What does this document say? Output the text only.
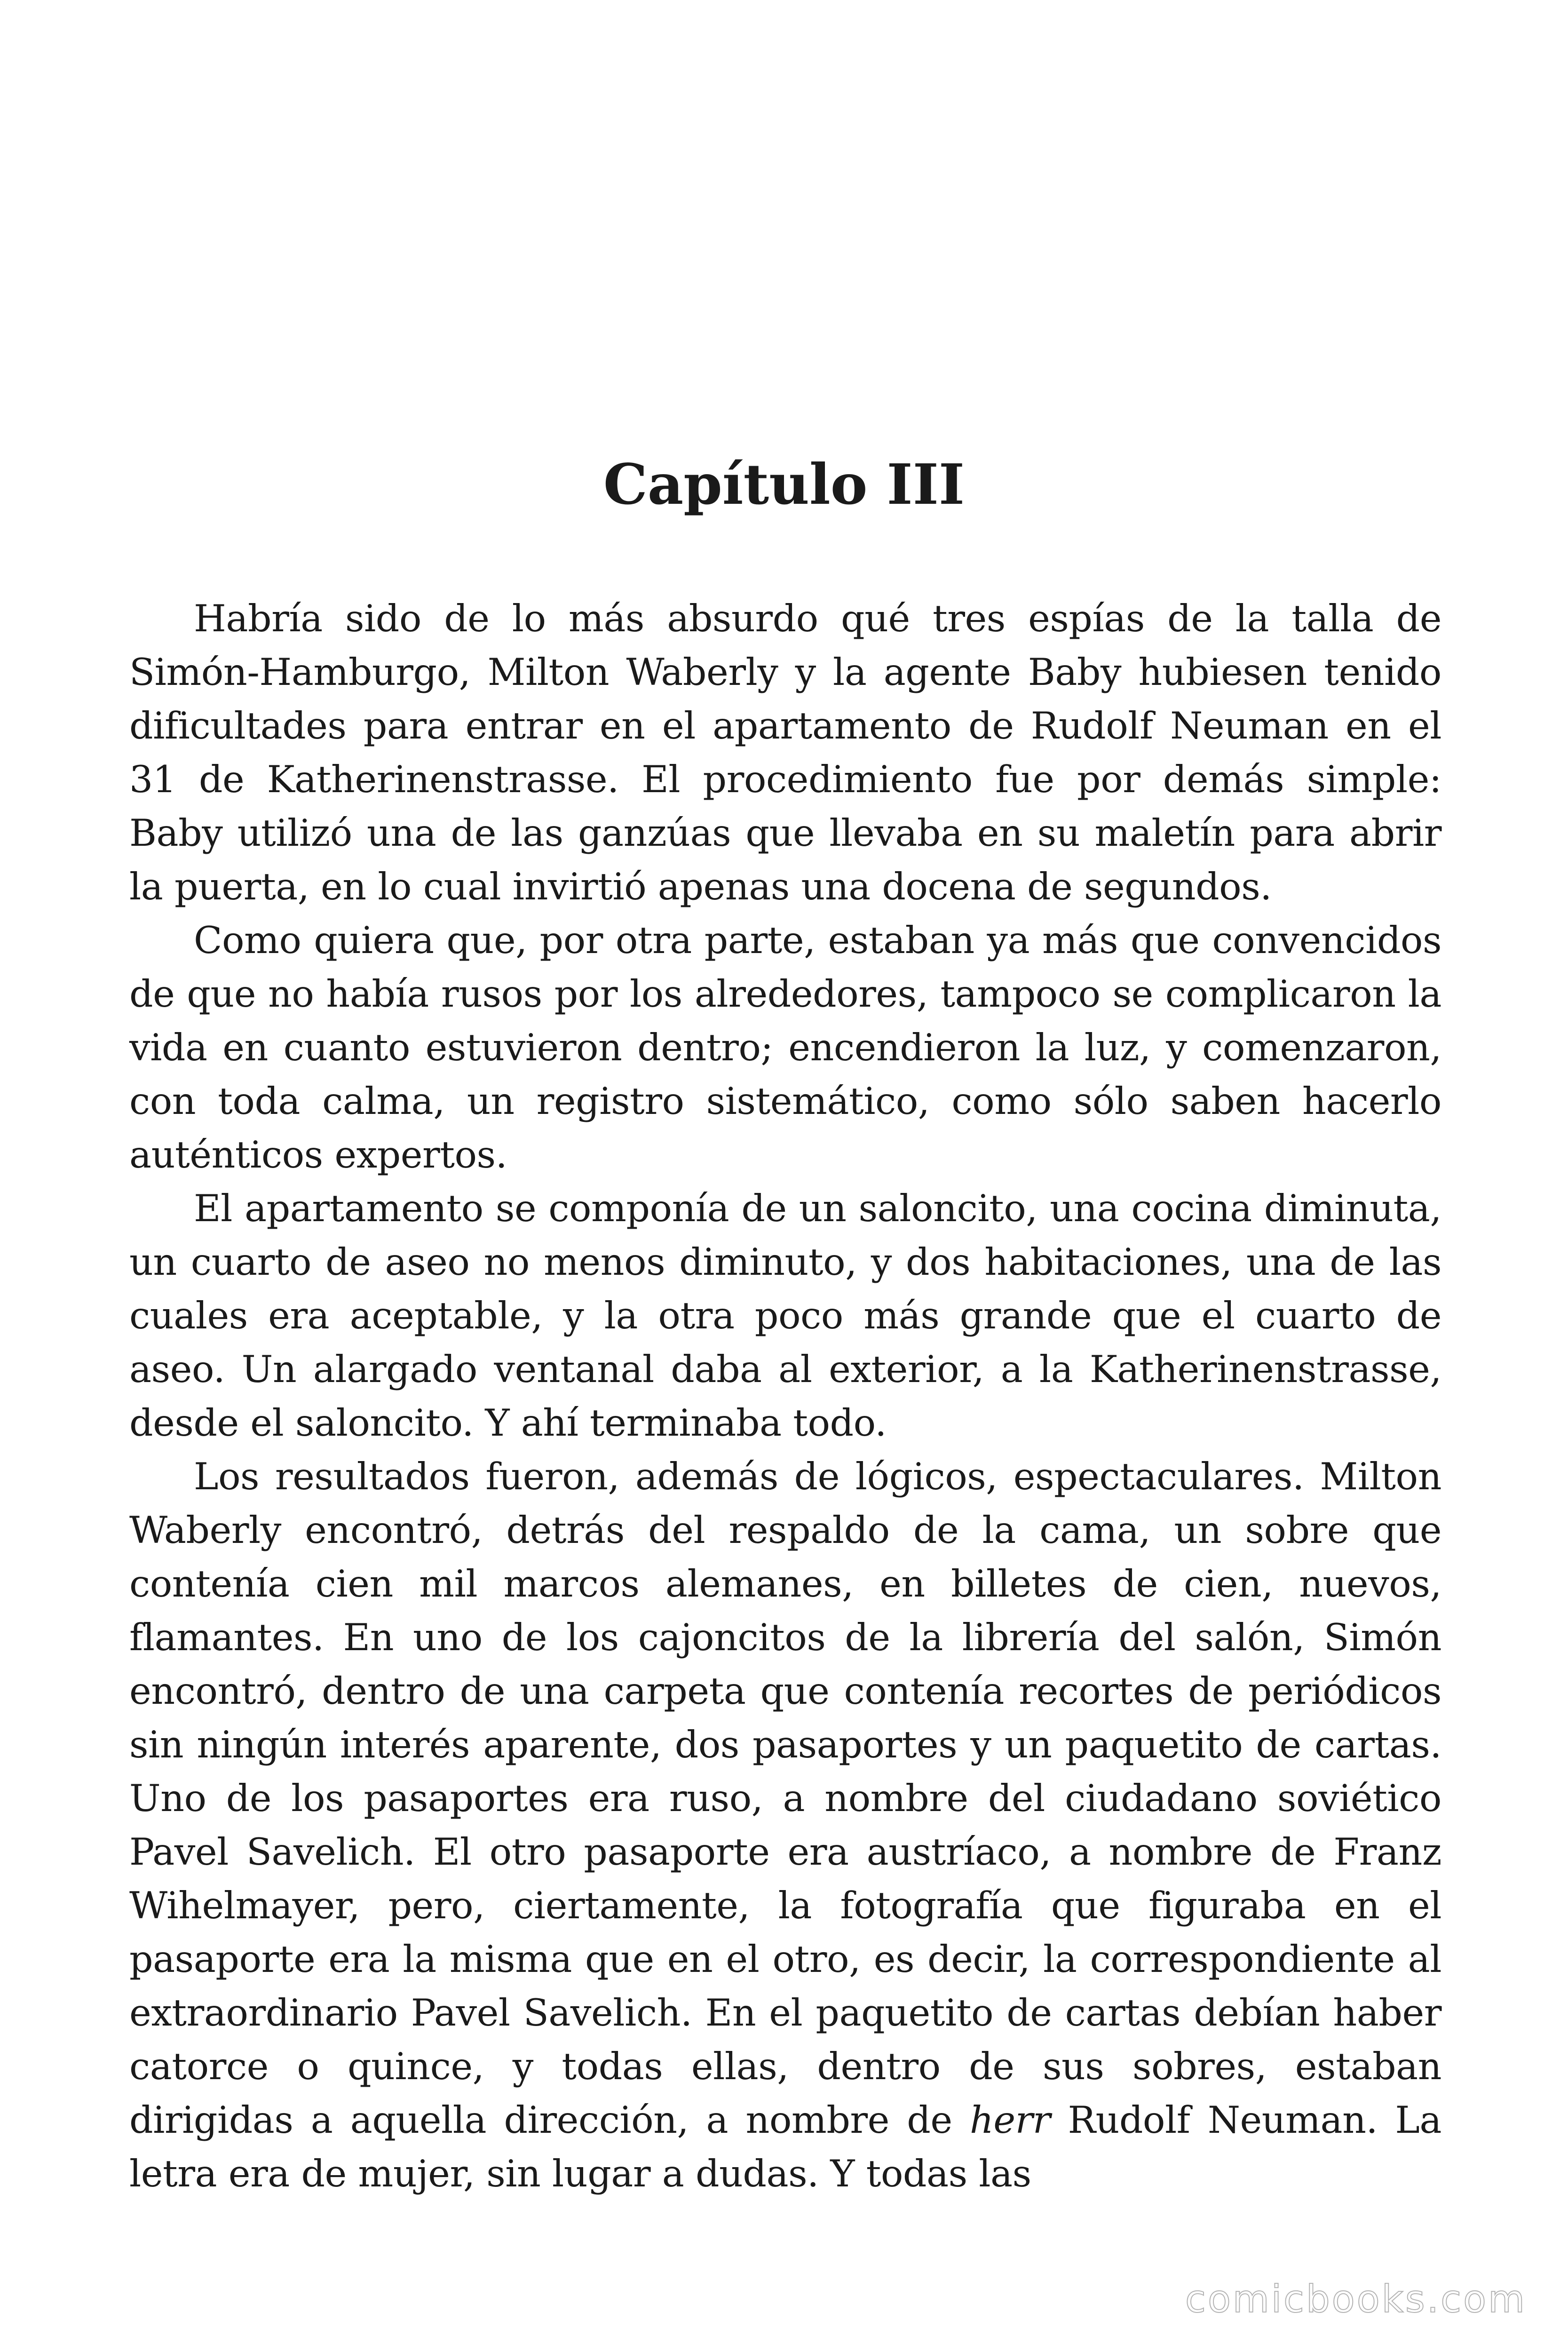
Capítulo III

Habría sido de lo más absurdo qué tres espías de la talla de Simón-Hamburgo, Milton Waberly y la agente Baby hubiesen tenido dificultades para entrar en el apartamento de Rudolf Neuman en el 31 de Katherinenstrasse. El procedimiento fue por demás simple: Baby utilizó una de las ganzúas que llevaba en su maletín para abrir la puerta, en lo cual invirtió apenas una docena de segundos.

Como quiera que, por otra parte, estaban ya más que convencidos de que no había rusos por los alrededores, tampoco se complicaron la vida en cuanto estuvieron dentro; encendieron la luz, y comenzaron, con toda calma, un registro sistemático, como sólo saben hacerlo auténticos expertos.

El apartamento se componía de un saloncito, una cocina diminuta, un cuarto de aseo no menos diminuto, y dos habitaciones, una de las cuales era aceptable, y la otra poco más grande que el cuarto de aseo. Un alargado ventanal daba al exterior, a la Katherinenstrasse, desde el saloncito. Y ahí terminaba todo.

Los resultados fueron, además de lógicos, espectaculares. Milton Waberly encontró, detrás del respaldo de la cama, un sobre que contenía cien mil marcos alemanes, en billetes de cien, nuevos, flamantes. En uno de los cajoncitos de la librería del salón, Simón encontró, dentro de una carpeta que contenía recortes de periódicos sin ningún interés aparente, dos pasaportes y un paquetito de cartas. Uno de los pasaportes era ruso, a nombre del ciudadano soviético Pavel Savelich. El otro pasaporte era austríaco, a nombre de Franz Wihelmayer, pero, ciertamente, la fotografía que figuraba en el pasaporte era la misma que en el otro, es decir, la correspondiente al extraordinario Pavel Savelich. En el paquetito de cartas debían haber catorce o quince, y todas ellas, dentro de sus sobres, estaban dirigidas a aquella dirección, a nombre de herr Rudolf Neuman. La letra era de mujer, sin lugar a dudas. Y todas las

comicbooks.com
